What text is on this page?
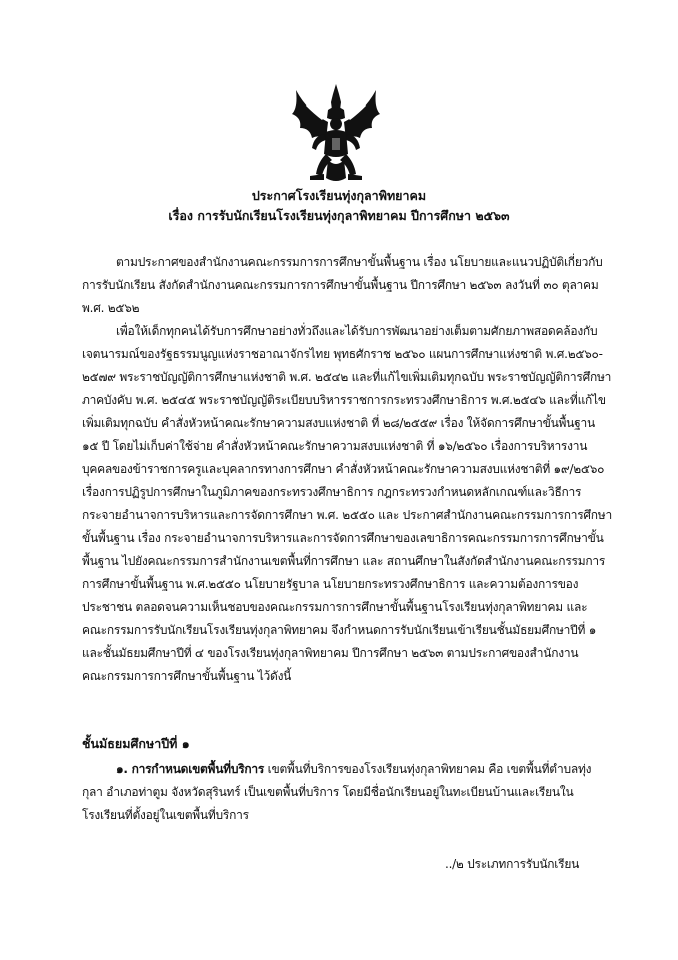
ประกาศโรงเรียนทุ่งกุลาพิทยาคม
เรื่อง การรับนักเรียนโรงเรียนทุ่งกุลาพิทยาคม ปีการศึกษา ๒๕๖๓
ตามประกาศของสำนักงานคณะกรรมการการศึกษาขั้นพื้นฐาน เรื่อง นโยบายและแนวปฏิบัติเกี่ยวกับ
การรับนักเรียน สังกัดสำนักงานคณะกรรมการการศึกษาขั้นพื้นฐาน ปีการศึกษา ๒๕๖๓ ลงวันที่ ๓๐ ตุลาคม
พ.ศ. ๒๕๖๒
เพื่อให้เด็กทุกคนได้รับการศึกษาอย่างทั่วถึงและได้รับการพัฒนาอย่างเต็มตามศักยภาพสอดคล้องกับ
เจตนารมณ์ของรัฐธรรมนูญแห่งราชอาณาจักรไทย พุทธศักราช ๒๕๖๐ แผนการศึกษาแห่งชาติ พ.ศ.๒๕๖๐-
๒๕๗๙ พระราชบัญญัติการศึกษาแห่งชาติ พ.ศ. ๒๕๔๒ และที่แก้ไขเพิ่มเติมทุกฉบับ พระราชบัญญัติการศึกษา
ภาคบังคับ พ.ศ. ๒๕๔๕ พระราชบัญญัติระเบียบบริหารราชการกระทรวงศึกษาธิการ พ.ศ.๒๕๔๖ และที่แก้ไข
เพิ่มเติมทุกฉบับ คำสั่งหัวหน้าคณะรักษาความสงบแห่งชาติ ที่ ๒๘/๒๕๕๙ เรื่อง ให้จัดการศึกษาขั้นพื้นฐาน
๑๕ ปี โดยไม่เก็บค่าใช้จ่าย คำสั่งหัวหน้าคณะรักษาความสงบแห่งชาติ ที่ ๑๖/๒๕๖๐ เรื่องการบริหารงาน
บุคคลของข้าราชการครูและบุคลากรทางการศึกษา คำสั่งหัวหน้าคณะรักษาความสงบแห่งชาติที่ ๑๙/๒๕๖๐
เรื่องการปฏิรูปการศึกษาในภูมิภาคของกระทรวงศึกษาธิการ กฎกระทรวงกำหนดหลักเกณฑ์และวิธีการ
กระจายอำนาจการบริหารและการจัดการศึกษา พ.ศ. ๒๕๕๐ และ ประกาศสำนักงานคณะกรรมการการศึกษา
ขั้นพื้นฐาน เรื่อง กระจายอำนาจการบริหารและการจัดการศึกษาของเลขาธิการคณะกรรมการการศึกษาขั้น
พื้นฐาน ไปยังคณะกรรมการสำนักงานเขตพื้นที่การศึกษา และ สถานศึกษาในสังกัดสำนักงานคณะกรรมการ
การศึกษาขั้นพื้นฐาน พ.ศ.๒๕๕๐ นโยบายรัฐบาล นโยบายกระทรวงศึกษาธิการ และความต้องการของ
ประชาชน ตลอดจนความเห็นชอบของคณะกรรมการการศึกษาขั้นพื้นฐานโรงเรียนทุ่งกุลาพิทยาคม และ
คณะกรรมการรับนักเรียนโรงเรียนทุ่งกุลาพิทยาคม จึงกำหนดการรับนักเรียนเข้าเรียนชั้นมัธยมศึกษาปีที่ ๑
และชั้นมัธยมศึกษาปีที่ ๔ ของโรงเรียนทุ่งกุลาพิทยาคม ปีการศึกษา ๒๕๖๓ ตามประกาศของสำนักงาน
คณะกรรมการการศึกษาขั้นพื้นฐาน ไว้ดังนี้
ชั้นมัธยมศึกษาปีที่ ๑
๑. การกำหนดเขตพื้นที่บริการ เขตพื้นที่บริการของโรงเรียนทุ่งกุลาพิทยาคม คือ เขตพื้นที่ตำบลทุ่ง
กุลา อำเภอท่าตูม จังหวัดสุรินทร์ เป็นเขตพื้นที่บริการ โดยมีชื่อนักเรียนอยู่ในทะเบียนบ้านและเรียนใน
โรงเรียนที่ตั้งอยู่ในเขตพื้นที่บริการ
../๒ ประเภทการรับนักเรียน
